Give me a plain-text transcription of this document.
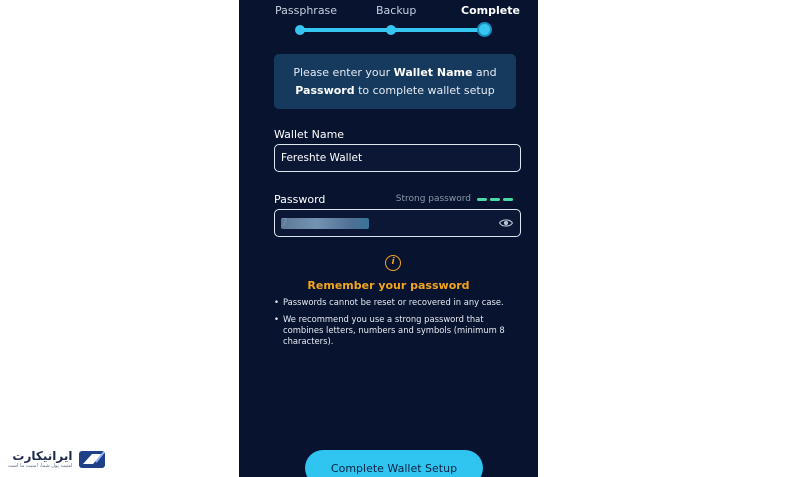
Passphrase	Backup	Complete
Please enter your Wallet Name and
Password to complete wallet setup
Wallet Name
Fereshte Wallet
Password	Strong password
i
Remember your password
• Passwords cannot be reset or recovered in any case.
• We recommend you use a strong password that combines letters, numbers and symbols (minimum 8 characters).
Complete Wallet Setup
ایرانیکارت
امنیت پول شما، امنیت ما است
